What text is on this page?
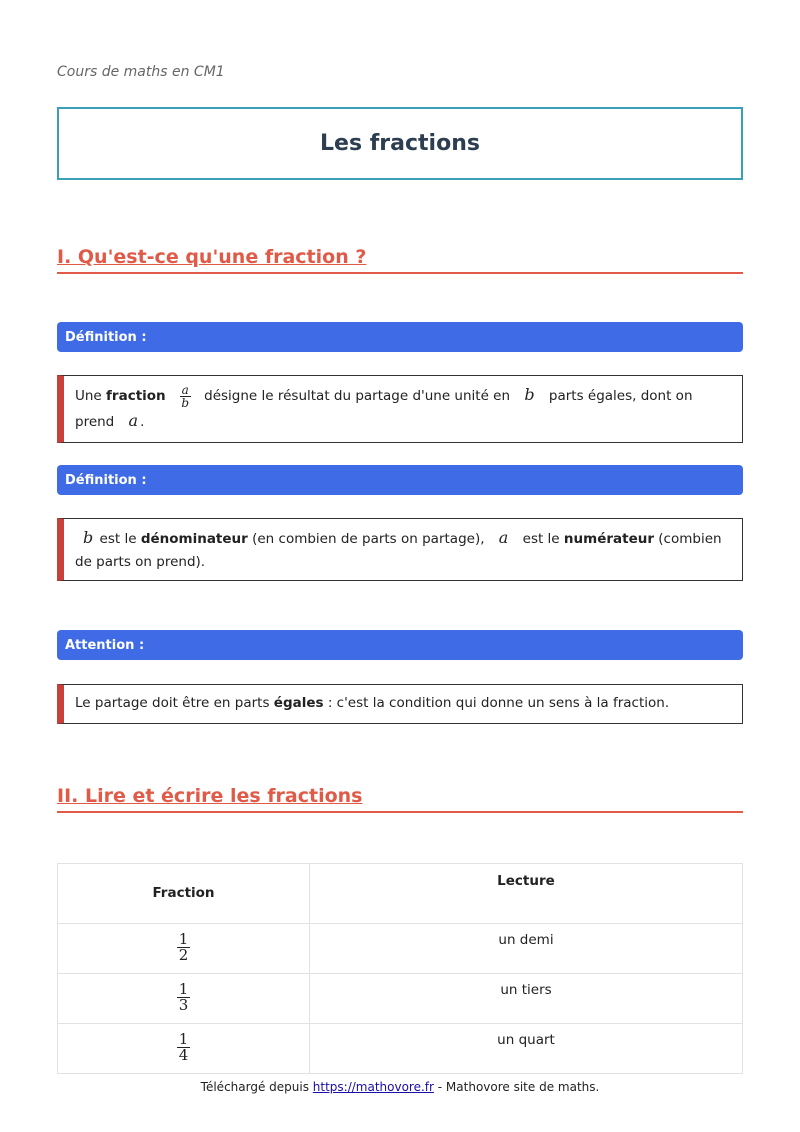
Cours de maths en CM1
Les fractions
I. Qu'est-ce qu'une fraction ?
Définition :
Une fraction $\frac{a}{b}$ désigne le résultat du partage d'une unité en b parts égales, dont on prend a .
Définition :
b est le dénominateur (en combien de parts on partage), a est le numérateur (combien de parts on prend).
Attention :
Le partage doit être en parts égales : c'est la condition qui donne un sens à la fraction.
II. Lire et écrire les fractions
Fraction	Lecture

$\frac{1}{2}$	un demi

$\frac{1}{3}$	un tiers

$\frac{1}{4}$	un quart
Téléchargé depuis https://mathovore.fr - Mathovore site de maths.
